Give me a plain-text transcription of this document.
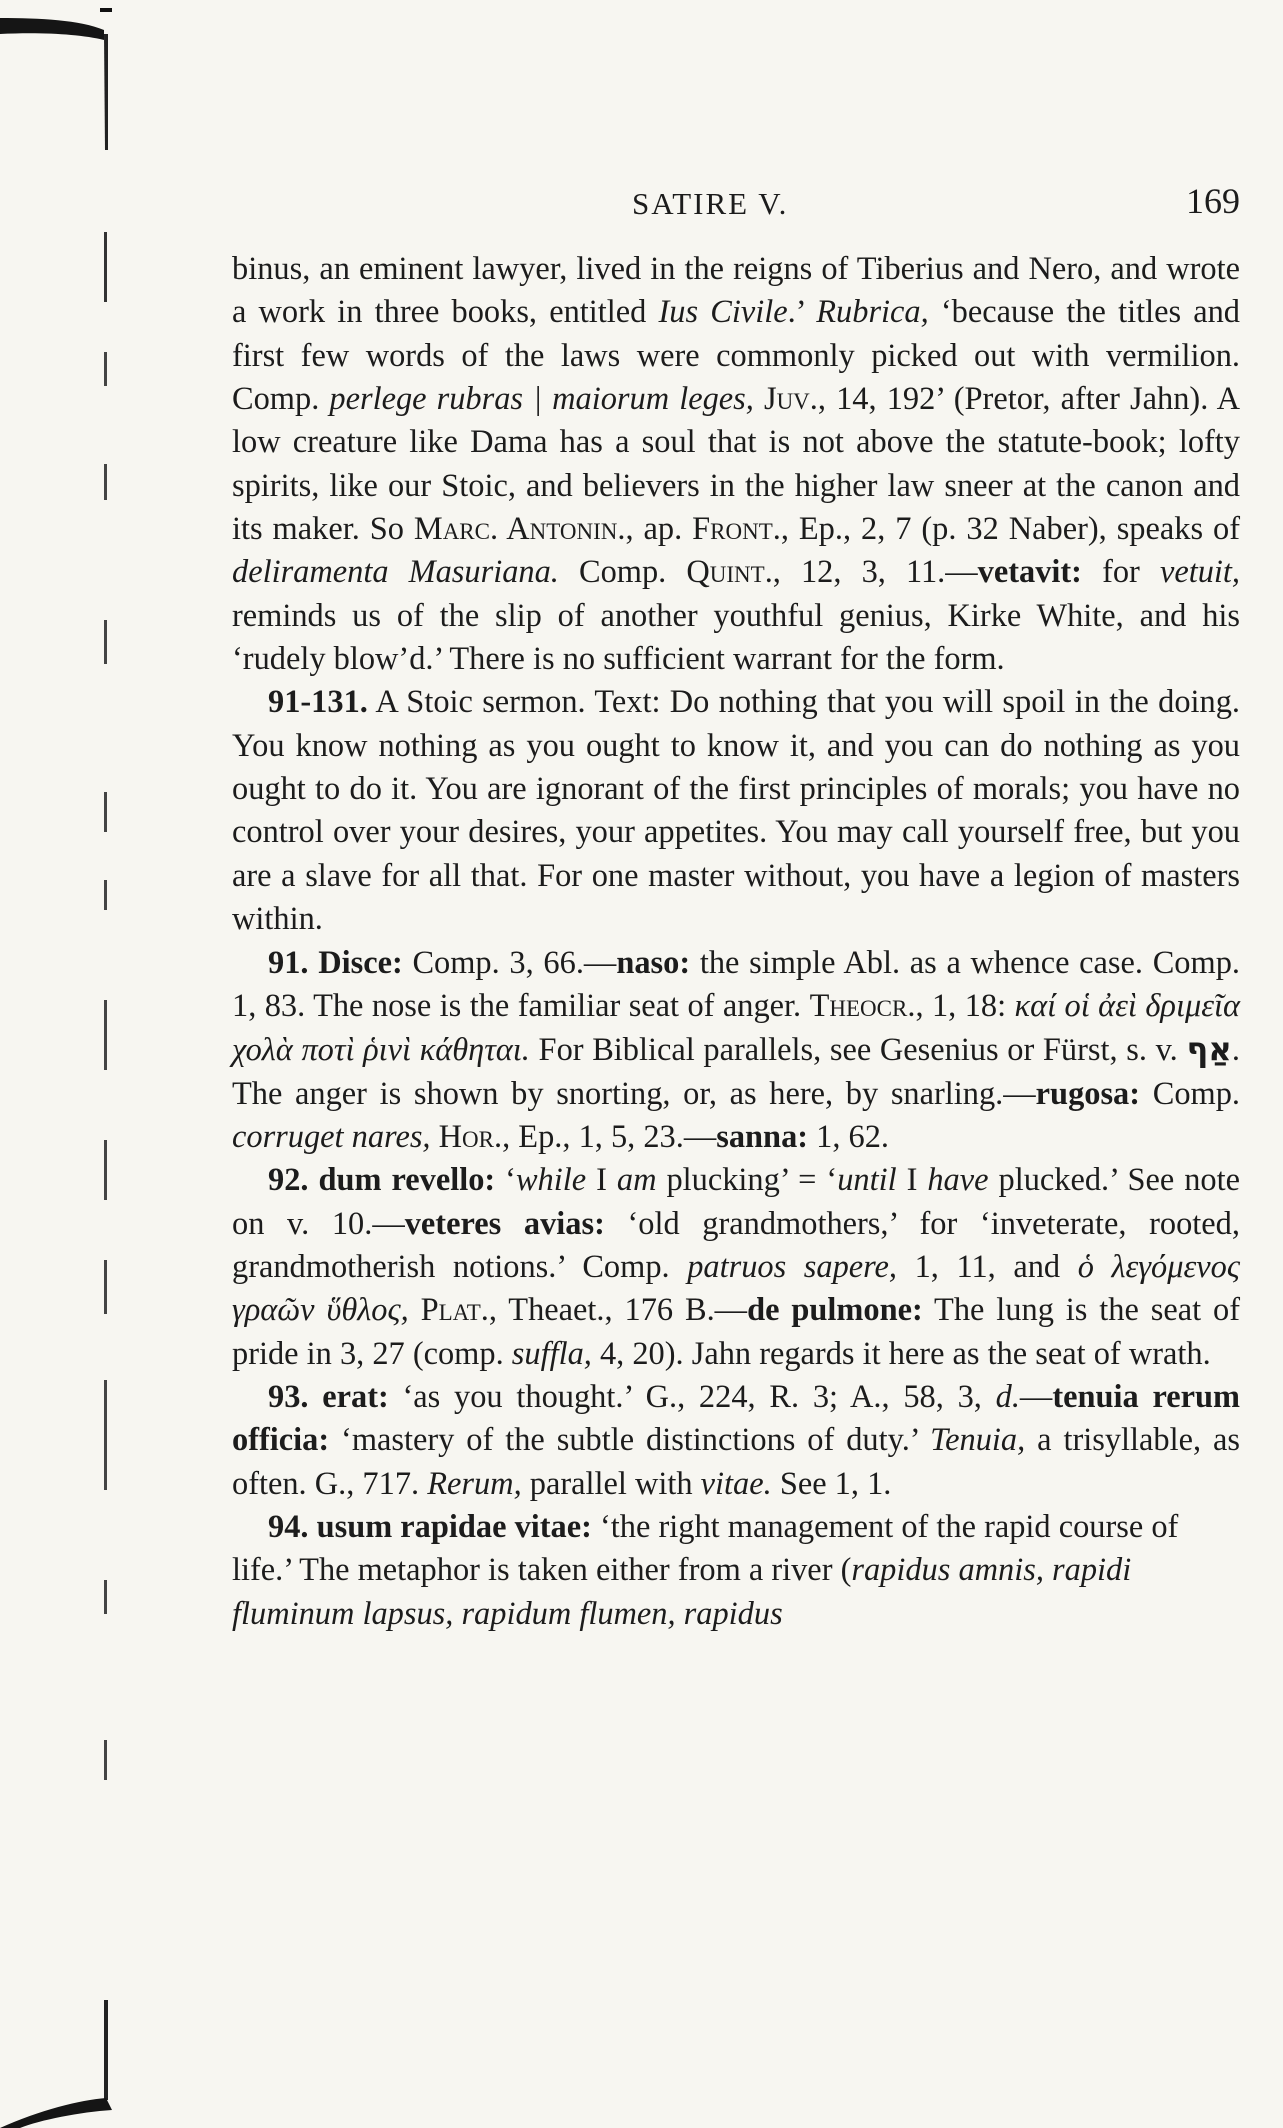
SATIRE V.	169

binus, an eminent lawyer, lived in the reigns of Tiberius and Nero, and wrote a work in three books, entitled Ius Civile.’ Rubrica, ‘because the titles and first few words of the laws were commonly picked out with vermilion. Comp. perlege rubras | maiorum leges, Juv., 14, 192’ (Pretor, after Jahn). A low creature like Dama has a soul that is not above the statute-book; lofty spirits, like our Stoic, and believers in the higher law sneer at the canon and its maker. So Marc. Antonin., ap. Front., Ep., 2, 7 (p. 32 Naber), speaks of deliramenta Masuriana. Comp. Quint., 12, 3, 11.—vetavit: for vetuit, reminds us of the slip of another youthful genius, Kirke White, and his ‘rudely blow’d.’ There is no sufficient warrant for the form.

91-131. A Stoic sermon. Text: Do nothing that you will spoil in the doing. You know nothing as you ought to know it, and you can do nothing as you ought to do it. You are ignorant of the first principles of morals; you have no control over your desires, your appetites. You may call yourself free, but you are a slave for all that. For one master without, you have a legion of masters within.

91. Disce: Comp. 3, 66.—naso: the simple Abl. as a whence case. Comp. 1, 83. The nose is the familiar seat of anger. Theocr., 1, 18: καί οἱ ἀεὶ δριμεῖα χολὰ ποτὶ ῥινὶ κάθηται. For Biblical parallels, see Gesenius or Fürst, s. v. אַף. The anger is shown by snorting, or, as here, by snarling.—rugosa: Comp. corruget nares, Hor., Ep., 1, 5, 23.—sanna: 1, 62.

92. dum revello: ‘while I am plucking’ = ‘until I have plucked.’ See note on v. 10.—veteres avias: ‘old grandmothers,’ for ‘inveterate, rooted, grandmotherish notions.’ Comp. patruos sapere, 1, 11, and ὁ λεγόμενος γραῶν ὕθλος, Plat., Theaet., 176 B.—de pulmone: The lung is the seat of pride in 3, 27 (comp. suffla, 4, 20). Jahn regards it here as the seat of wrath.

93. erat: ‘as you thought.’ G., 224, R. 3; A., 58, 3, d.—tenuia rerum officia: ‘mastery of the subtle distinctions of duty.’ Tenuia, a trisyllable, as often. G., 717. Rerum, parallel with vitae. See 1, 1.

94. usum rapidae vitae: ‘the right management of the rapid course of life.’ The metaphor is taken either from a river (rapidus amnis, rapidi fluminum lapsus, rapidum flumen, rapidus
